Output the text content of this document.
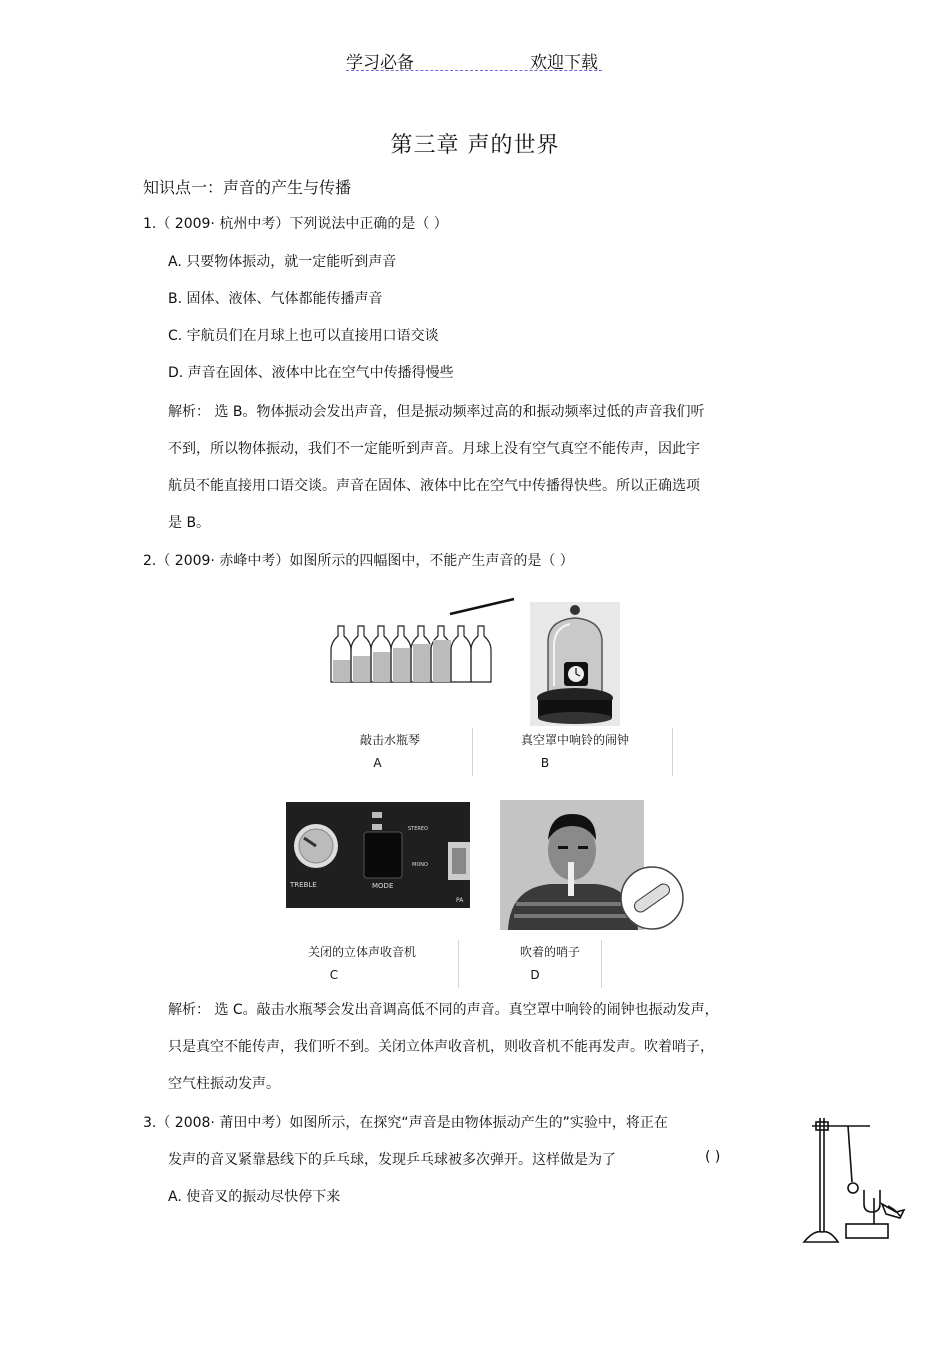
学习必备	欢迎下载
第三章 声的世界
知识点一：声音的产生与传播
1.（ 2009· 杭州中考）下列说法中正确的是（ ）
A. 只要物体振动，就一定能听到声音
B. 固体、液体、气体都能传播声音
C. 宇航员们在月球上也可以直接用口语交谈
D. 声音在固体、液体中比在空气中传播得慢些
解析： 选 B。物体振动会发出声音，但是振动频率过高的和振动频率过低的声音我们听
不到，所以物体振动，我们不一定能听到声音。月球上没有空气真空不能传声，因此宇
航员不能直接用口语交谈。声音在固体、液体中比在空气中传播得快些。所以正确选项
是 B。
2.（ 2009· 赤峰中考）如图所示的四幅图中，不能产生声音的是（ ）
敲击水瓶琴
A
真空罩中响铃的闹钟
B
TREBLE	MODE
STEREO
MONO
PA
关闭的立体声收音机
C
吹着的哨子
D
解析： 选 C。敲击水瓶琴会发出音调高低不同的声音。真空罩中响铃的闹钟也振动发声，
只是真空不能传声，我们听不到。关闭立体声收音机，则收音机不能再发声。吹着哨子，
空气柱振动发声。
3.（ 2008· 莆田中考）如图所示，在探究“声音是由物体振动产生的”实验中，将正在
发声的音叉紧靠悬线下的乒乓球，发现乒乓球被多次弹开。这样做是为了	( )
A. 使音叉的振动尽快停下来
